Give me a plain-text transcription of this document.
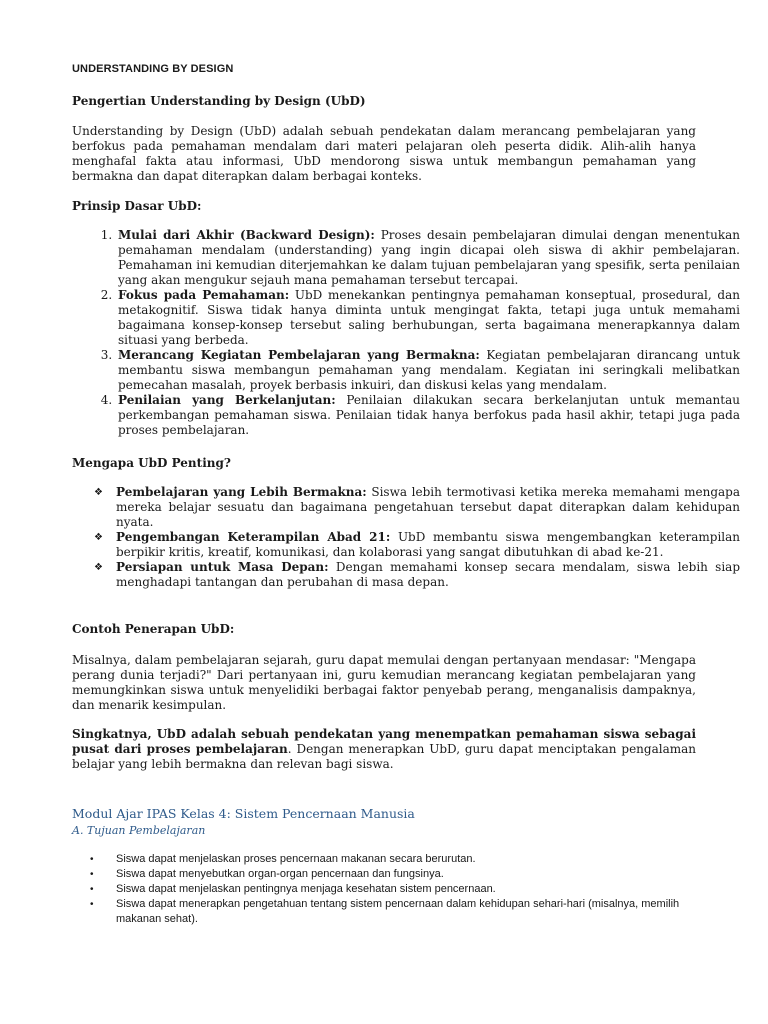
UNDERSTANDING BY DESIGN
Pengertian Understanding by Design (UbD)

Understanding by Design (UbD) adalah sebuah pendekatan dalam merancang pembelajaran yang berfokus pada pemahaman mendalam dari materi pelajaran oleh peserta didik. Alih-alih hanya menghafal fakta atau informasi, UbD mendorong siswa untuk membangun pemahaman yang bermakna dan dapat diterapkan dalam berbagai konteks.

Prinsip Dasar UbD:
1. Mulai dari Akhir (Backward Design): Proses desain pembelajaran dimulai dengan menentukan pemahaman mendalam (understanding) yang ingin dicapai oleh siswa di akhir pembelajaran. Pemahaman ini kemudian diterjemahkan ke dalam tujuan pembelajaran yang spesifik, serta penilaian yang akan mengukur sejauh mana pemahaman tersebut tercapai.
2. Fokus pada Pemahaman: UbD menekankan pentingnya pemahaman konseptual, prosedural, dan metakognitif. Siswa tidak hanya diminta untuk mengingat fakta, tetapi juga untuk memahami bagaimana konsep-konsep tersebut saling berhubungan, serta bagaimana menerapkannya dalam situasi yang berbeda.
3. Merancang Kegiatan Pembelajaran yang Bermakna: Kegiatan pembelajaran dirancang untuk membantu siswa membangun pemahaman yang mendalam. Kegiatan ini seringkali melibatkan pemecahan masalah, proyek berbasis inkuiri, dan diskusi kelas yang mendalam.
4. Penilaian yang Berkelanjutan: Penilaian dilakukan secara berkelanjutan untuk memantau perkembangan pemahaman siswa. Penilaian tidak hanya berfokus pada hasil akhir, tetapi juga pada proses pembelajaran.
Mengapa UbD Penting?
❖ Pembelajaran yang Lebih Bermakna: Siswa lebih termotivasi ketika mereka memahami mengapa mereka belajar sesuatu dan bagaimana pengetahuan tersebut dapat diterapkan dalam kehidupan nyata.
❖ Pengembangan Keterampilan Abad 21: UbD membantu siswa mengembangkan keterampilan berpikir kritis, kreatif, komunikasi, dan kolaborasi yang sangat dibutuhkan di abad ke-21.
❖ Persiapan untuk Masa Depan: Dengan memahami konsep secara mendalam, siswa lebih siap menghadapi tantangan dan perubahan di masa depan.
Contoh Penerapan UbD:

Misalnya, dalam pembelajaran sejarah, guru dapat memulai dengan pertanyaan mendasar: "Mengapa perang dunia terjadi?" Dari pertanyaan ini, guru kemudian merancang kegiatan pembelajaran yang memungkinkan siswa untuk menyelidiki berbagai faktor penyebab perang, menganalisis dampaknya, dan menarik kesimpulan.

Singkatnya, UbD adalah sebuah pendekatan yang menempatkan pemahaman siswa sebagai pusat dari proses pembelajaran. Dengan menerapkan UbD, guru dapat menciptakan pengalaman belajar yang lebih bermakna dan relevan bagi siswa.

Modul Ajar IPAS Kelas 4: Sistem Pencernaan Manusia
A. Tujuan Pembelajaran
• Siswa dapat menjelaskan proses pencernaan makanan secara berurutan.
• Siswa dapat menyebutkan organ-organ pencernaan dan fungsinya.
• Siswa dapat menjelaskan pentingnya menjaga kesehatan sistem pencernaan.
• Siswa dapat menerapkan pengetahuan tentang sistem pencernaan dalam kehidupan sehari-hari (misalnya, memilih makanan sehat).
